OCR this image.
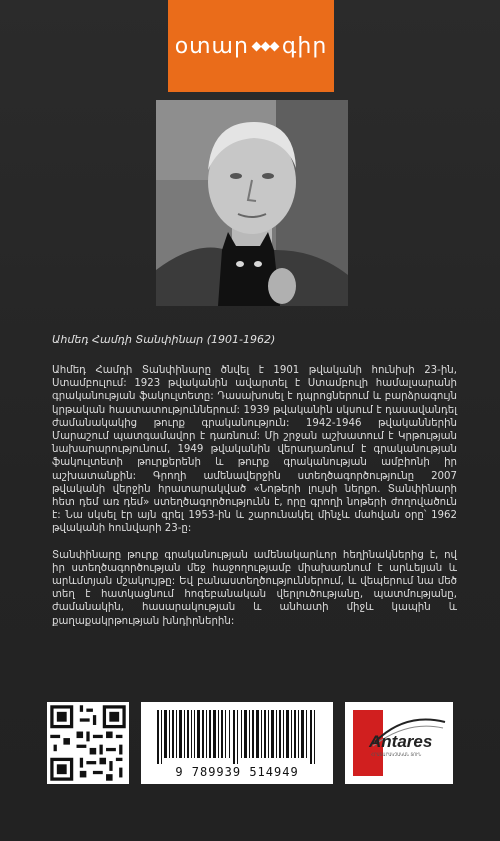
օտար գիր
Ահմեդ Համդի Տանփինար (1901-1962)

Ահմեդ Համդի Տանփինարը ծնվել է 1901 թվականի հունիսի 23-ին, Ստամբուլում: 1923 թվականին ավարտել է Ստամբուլի համալսարանի գրականության ֆակուլտետը: Դասախոսել է դպրոցներում և բարձրագույն կրթական հաստատություններում: 1939 թվականին սկսում է դասավանդել ժամանակակից թուրք գրականություն: 1942-1946 թվականներին Մարաշում պատգամավոր է դառնում: Մի շրջան աշխատում է Կրթության նախարարությունում, 1949 թվականին վերադառնում է գրականության ֆակուլտետի թուրքերենի և թուրք գրականության ամբիոնի իր աշխատանքին: Գրողի ամենավերջին ստեղծագործությունը 2007 թվականի վերջին հրատարակված «Նոթերի լույսի ներքո. Տանփինարի հետ դեմ առ դեմ» ստեղծագործությունն է, որը գրողի նոթերի ժողովածուն է: Նա սկսել էր այն գրել 1953-ին և շարունակել մինչև մահվան օրը՝ 1962 թվականի հունվարի 23-ը:

Տանփինարը թուրք գրականության ամենակարևոր հեղինակներից է, ով իր ստեղծագործության մեջ հաջողությամբ միախառնում է արևելյան և արևմտյան մշակույթը: Եվ բանաստեղծություններում, և վեպերում նա մեծ տեղ է հատկացնում հոգեբանական վերլուծությանը, պատմությանը, ժամանակին, հասարակության և անհատի միջև կապին և քաղաքակրթության խնդիրներին:

9 789939 514949
Antares
ՀՐԱՏԱՐԱԿՉԱԿԱՆ ՏՈՒՆ
